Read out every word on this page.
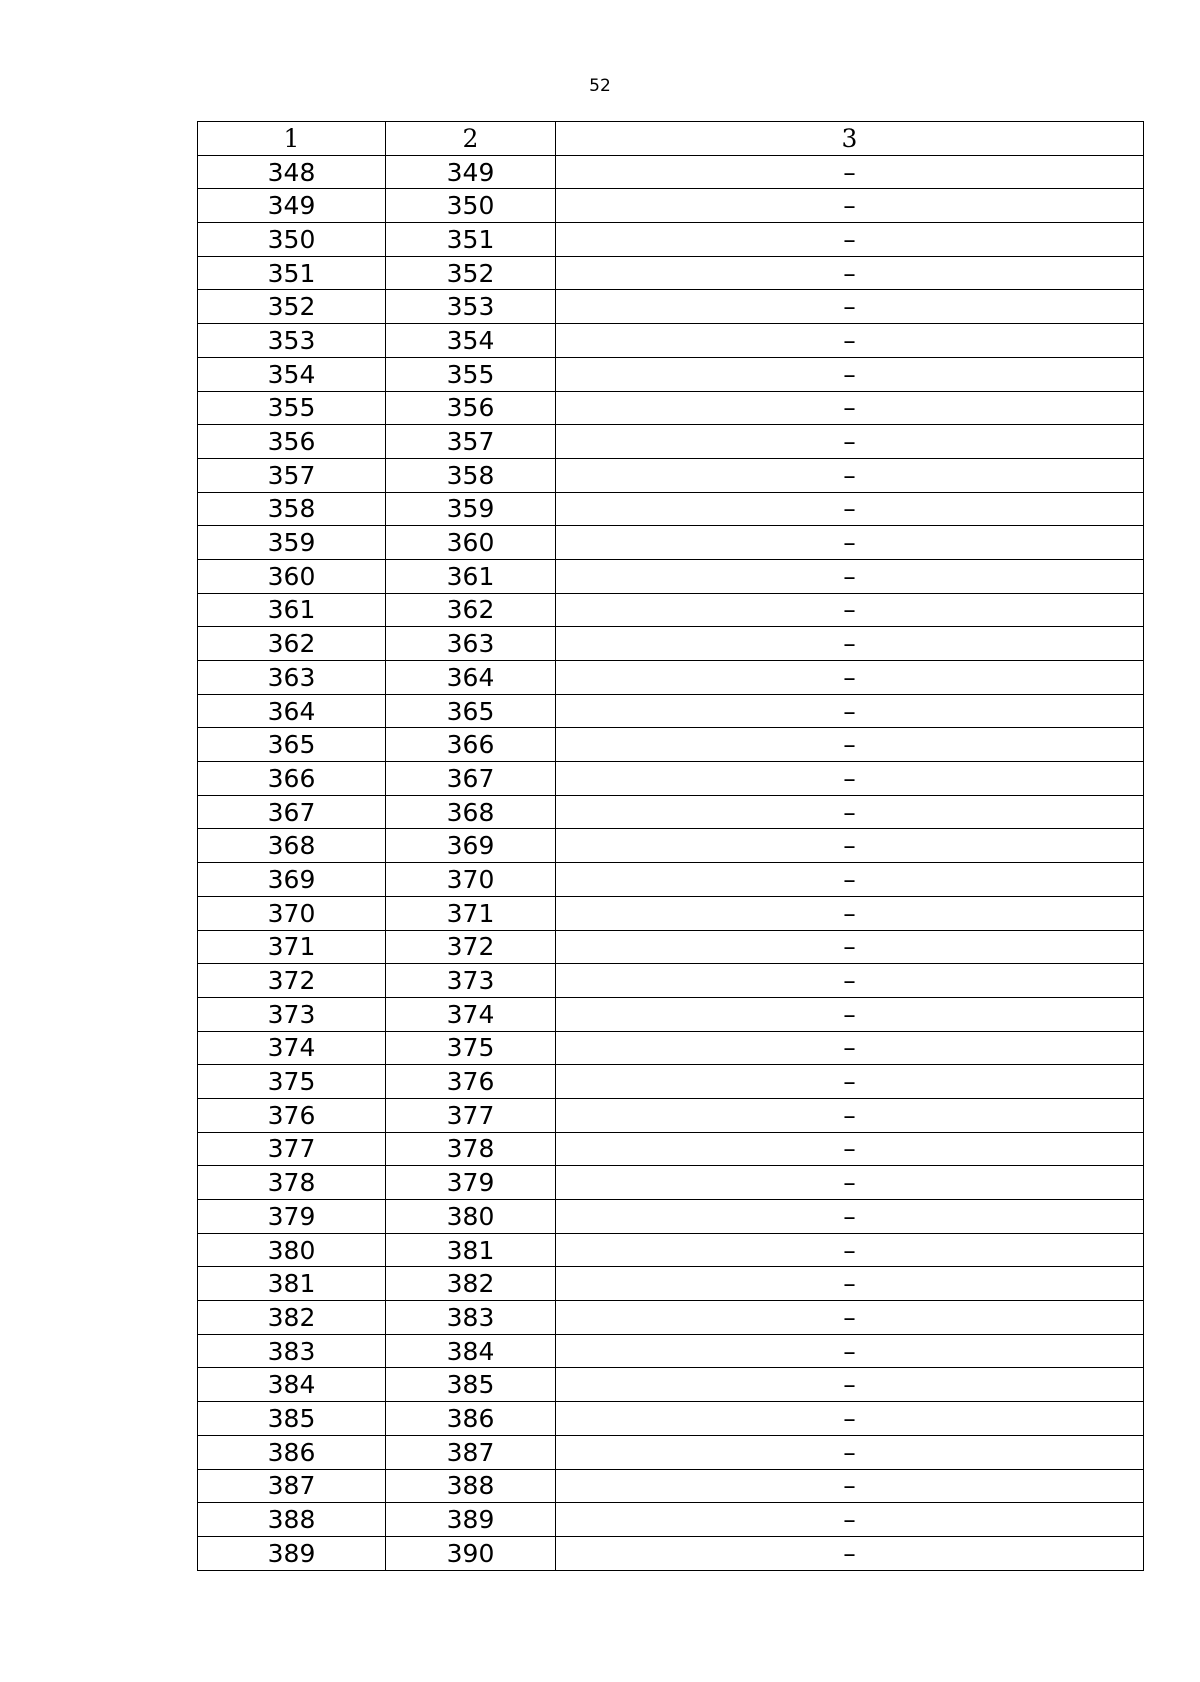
52
1	2	3
348	349	–
349	350	–
350	351	–
351	352	–
352	353	–
353	354	–
354	355	–
355	356	–
356	357	–
357	358	–
358	359	–
359	360	–
360	361	–
361	362	–
362	363	–
363	364	–
364	365	–
365	366	–
366	367	–
367	368	–
368	369	–
369	370	–
370	371	–
371	372	–
372	373	–
373	374	–
374	375	–
375	376	–
376	377	–
377	378	–
378	379	–
379	380	–
380	381	–
381	382	–
382	383	–
383	384	–
384	385	–
385	386	–
386	387	–
387	388	–
388	389	–
389	390	–
